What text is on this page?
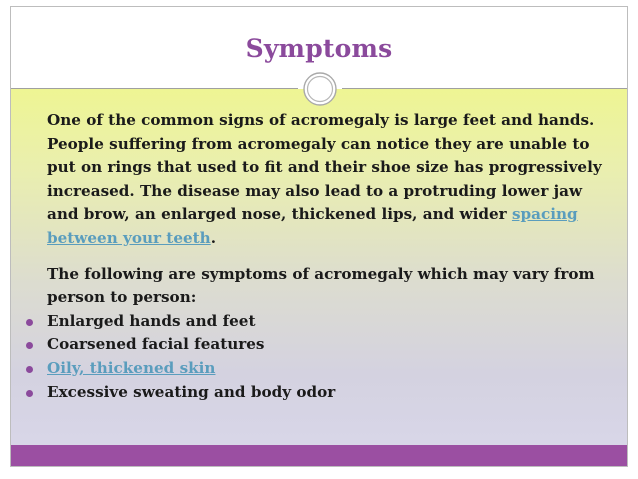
Symptoms

One of the common signs of acromegaly is large feet and hands. People suffering from acromegaly can notice they are unable to put on rings that used to fit and their shoe size has progressively increased. The disease may also lead to a protruding lower jaw and brow, an enlarged nose, thickened lips, and wider spacing between your teeth.

The following are symptoms of acromegaly which may vary from person to person:

Enlarged hands and feet
Coarsened facial features
Oily, thickened skin
Excessive sweating and body odor
